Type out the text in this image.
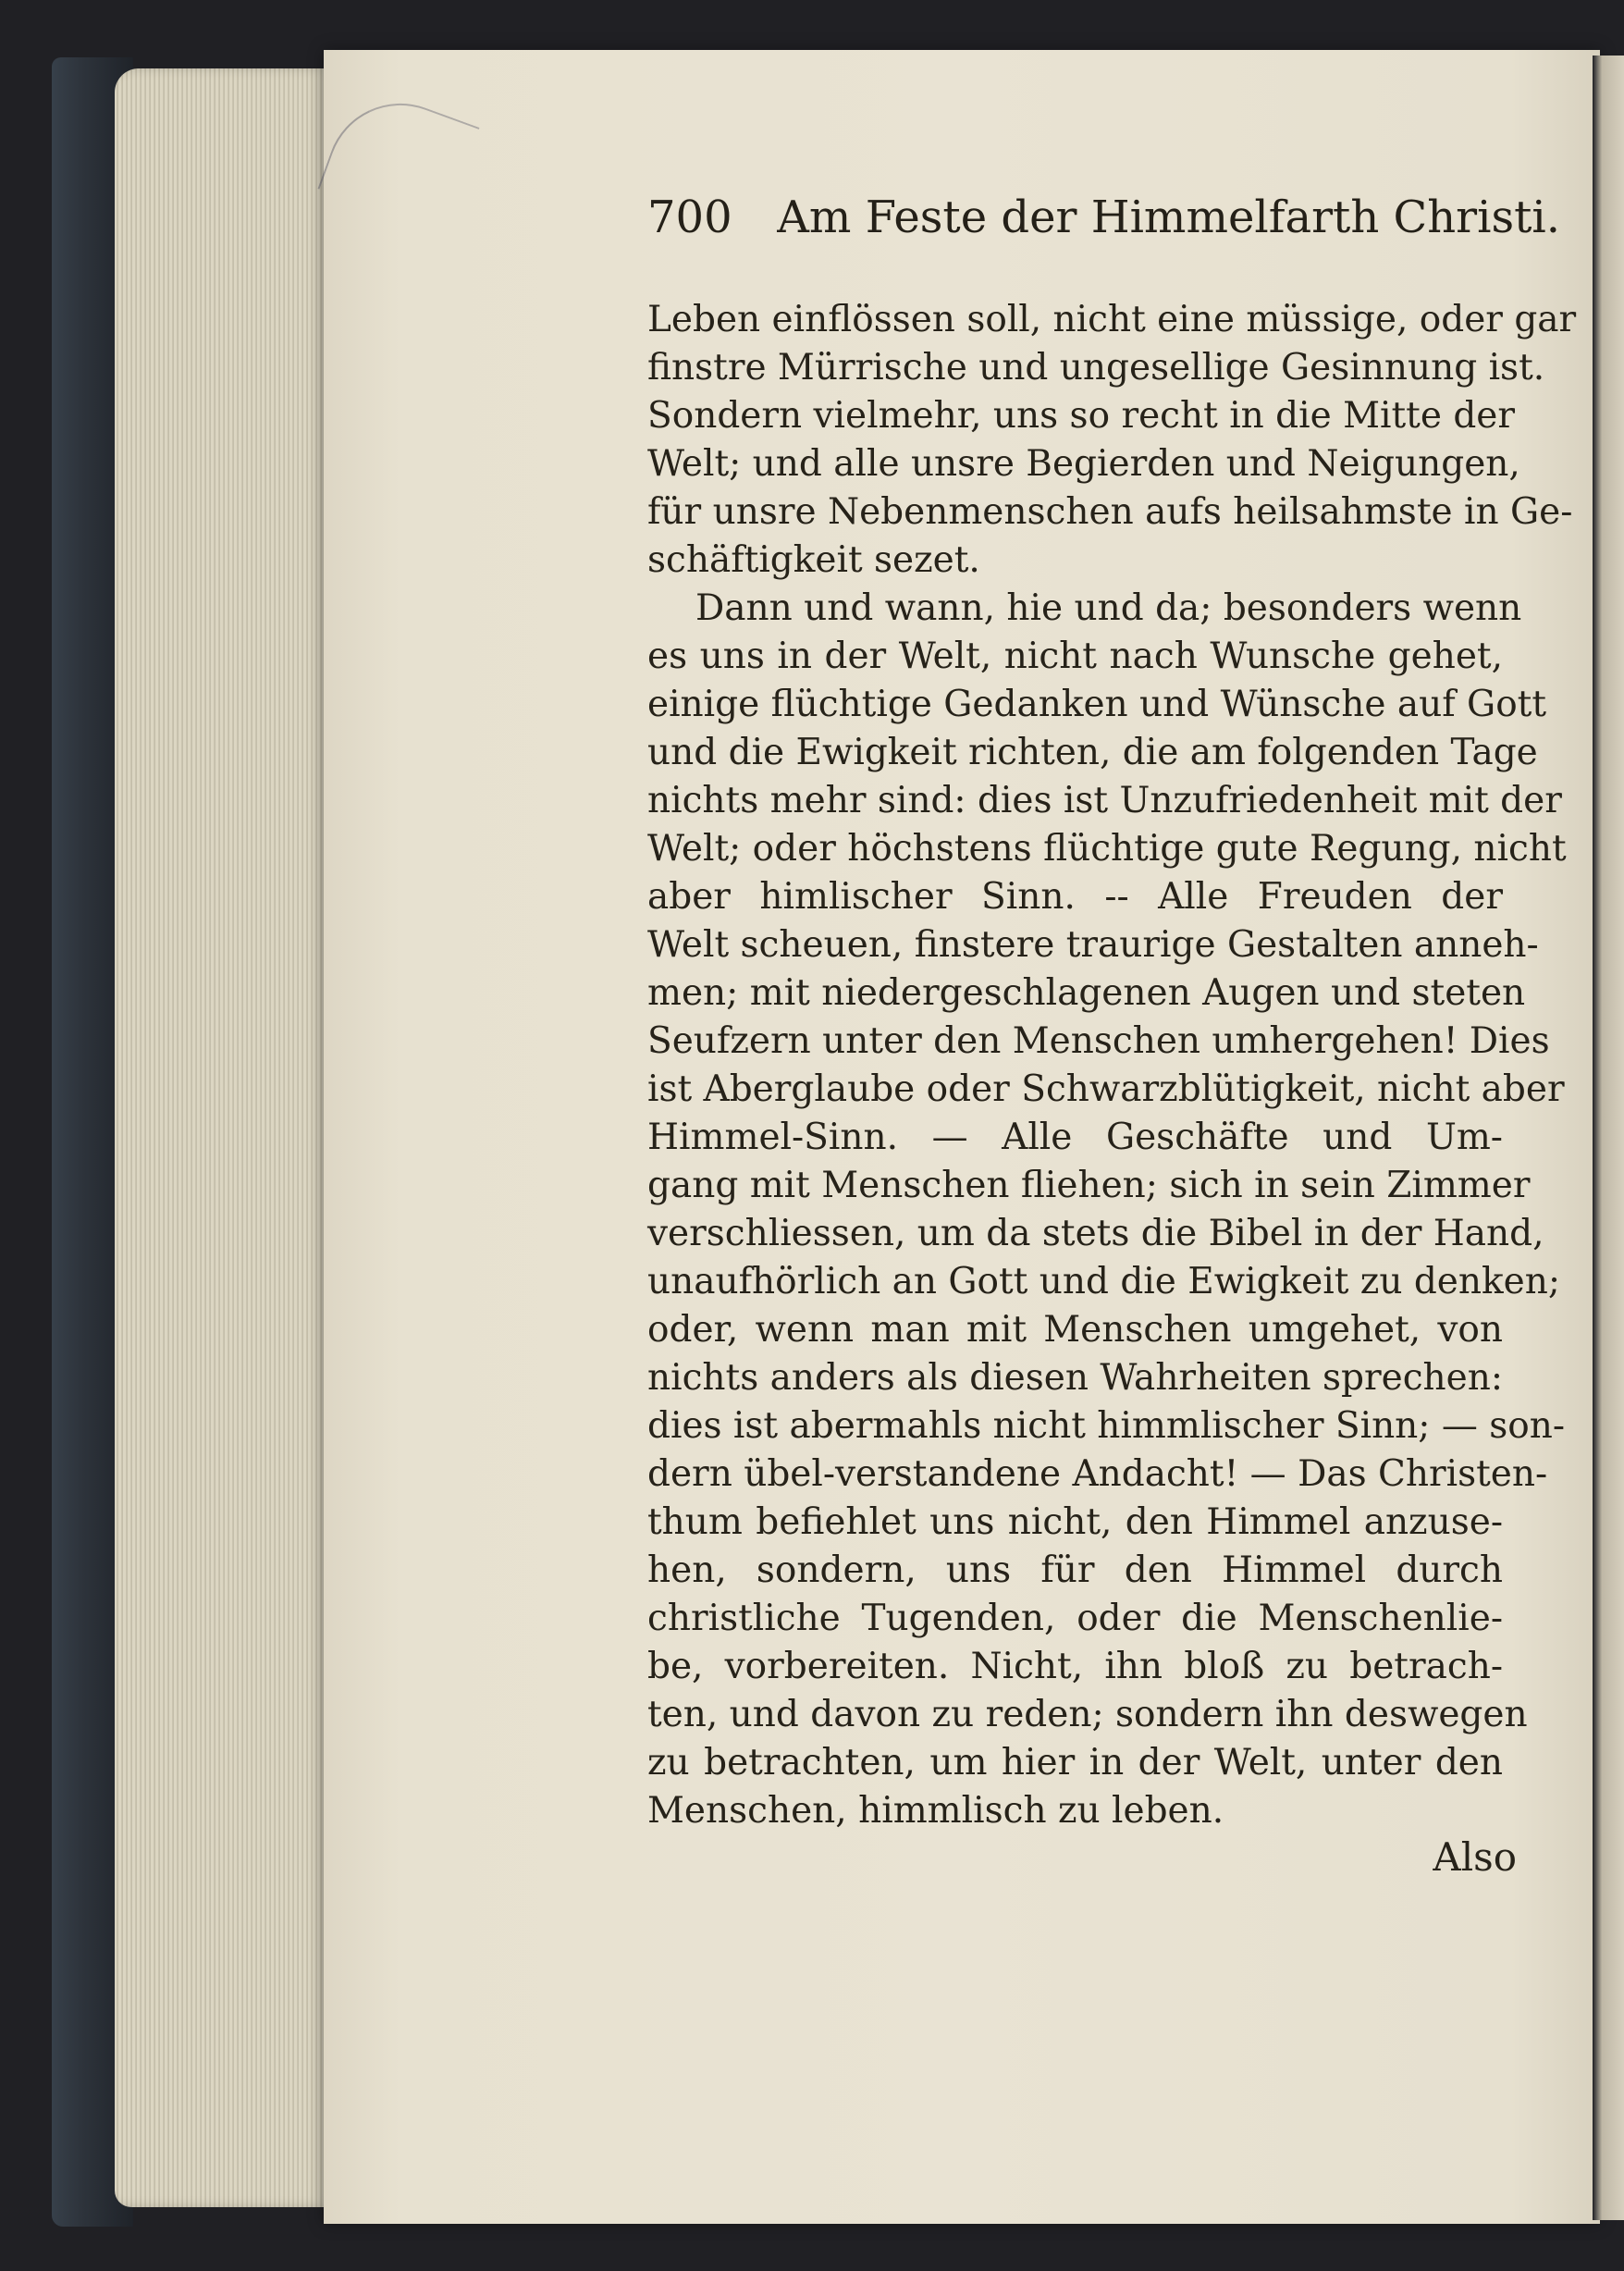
700 Am Feste der Himmelfarth Christi.
Leben einflössen soll, nicht eine müssige, oder gar
finstre Mürrische und ungesellige Gesinnung ist.
Sondern vielmehr, uns so recht in die Mitte der
Welt; und alle unsre Begierden und Neigungen,
für unsre Nebenmenschen aufs heilsahmste in Ge-
schäftigkeit sezet.
Dann und wann, hie und da; besonders wenn
es uns in der Welt, nicht nach Wunsche gehet,
einige flüchtige Gedanken und Wünsche auf Gott
und die Ewigkeit richten, die am folgenden Tage
nichts mehr sind: dies ist Unzufriedenheit mit der
Welt; oder höchstens flüchtige gute Regung, nicht
aber himlischer Sinn. -- Alle Freuden der
Welt scheuen, finstere traurige Gestalten anneh-
men; mit niedergeschlagenen Augen und steten
Seufzern unter den Menschen umhergehen! Dies
ist Aberglaube oder Schwarzblütigkeit, nicht aber
Himmel-Sinn. — Alle Geschäfte und Um-
gang mit Menschen fliehen; sich in sein Zimmer
verschliessen, um da stets die Bibel in der Hand,
unaufhörlich an Gott und die Ewigkeit zu denken;
oder, wenn man mit Menschen umgehet, von
nichts anders als diesen Wahrheiten sprechen:
dies ist abermahls nicht himmlischer Sinn; — son-
dern übel-verstandene Andacht! — Das Christen-
thum befiehlet uns nicht, den Himmel anzuse-
hen, sondern, uns für den Himmel durch
christliche Tugenden, oder die Menschenlie-
be, vorbereiten. Nicht, ihn bloß zu betrach-
ten, und davon zu reden; sondern ihn deswegen
zu betrachten, um hier in der Welt, unter den
Menschen, himmlisch zu leben.
Also
